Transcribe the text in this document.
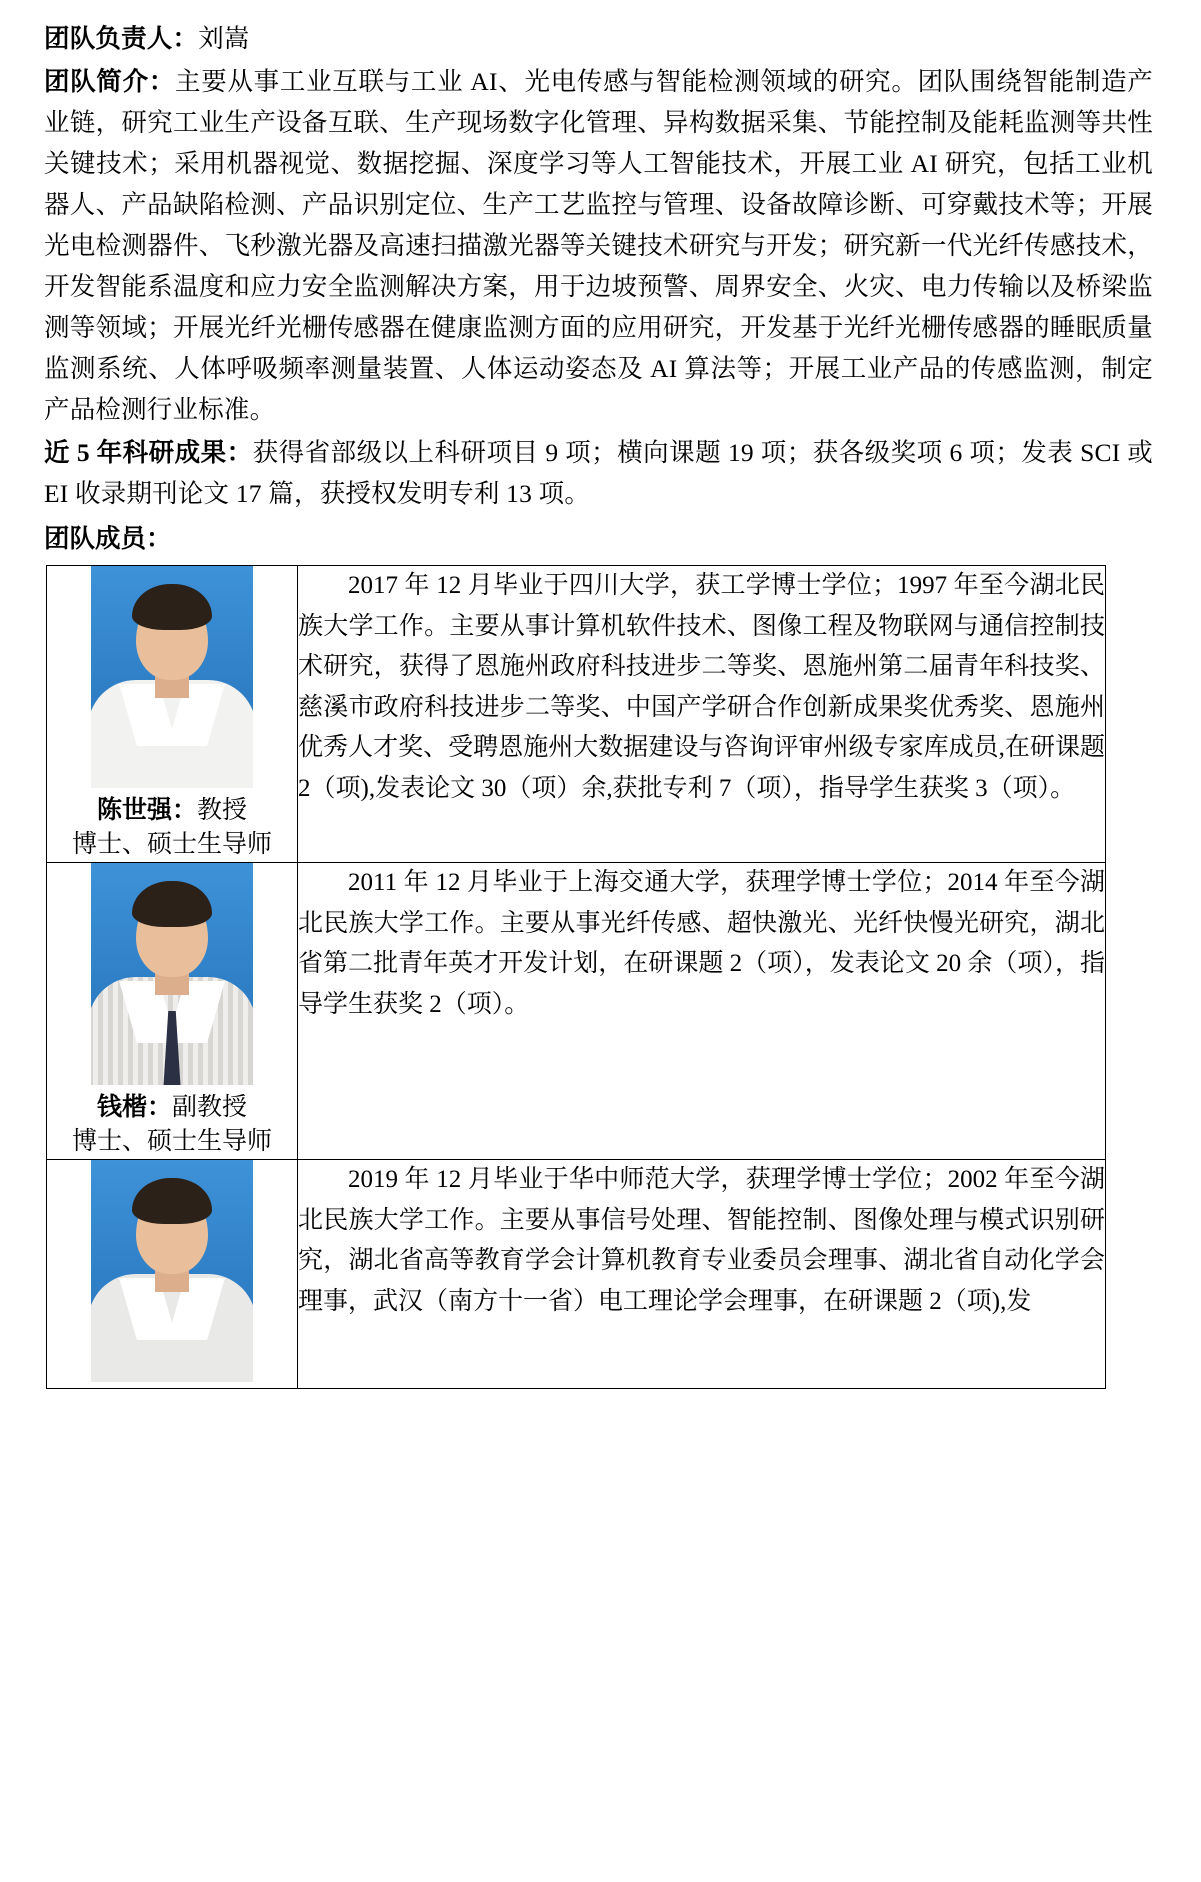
团队负责人：刘嵩

团队简介：主要从事工业互联与工业 AI、光电传感与智能检测领域的研究。团队围绕智能制造产业链，研究工业生产设备互联、生产现场数字化管理、异构数据采集、节能控制及能耗监测等共性关键技术；采用机器视觉、数据挖掘、深度学习等人工智能技术，开展工业 AI 研究，包括工业机器人、产品缺陷检测、产品识别定位、生产工艺监控与管理、设备故障诊断、可穿戴技术等；开展光电检测器件、飞秒激光器及高速扫描激光器等关键技术研究与开发；研究新一代光纤传感技术，开发智能系温度和应力安全监测解决方案，用于边坡预警、周界安全、火灾、电力传输以及桥梁监测等领域；开展光纤光栅传感器在健康监测方面的应用研究，开发基于光纤光栅传感器的睡眠质量监测系统、人体呼吸频率测量装置、人体运动姿态及 AI 算法等；开展工业产品的传感监测，制定产品检测行业标准。

近 5 年科研成果：获得省部级以上科研项目 9 项；横向课题 19 项；获各级奖项 6 项；发表 SCI 或 EI 收录期刊论文 17 篇，获授权发明专利 13 项。

团队成员：
陈世强：教授
博士、硕士生导师	2017 年 12 月毕业于四川大学，获工学博士学位；1997 年至今湖北民族大学工作。主要从事计算机软件技术、图像工程及物联网与通信控制技术研究，获得了恩施州政府科技进步二等奖、恩施州第二届青年科技奖、慈溪市政府科技进步二等奖、中国产学研合作创新成果奖优秀奖、恩施州优秀人才奖、受聘恩施州大数据建设与咨询评审州级专家库成员,在研课题 2（项),发表论文 30（项）余,获批专利 7（项），指导学生获奖 3（项）。

钱楷：副教授
博士、硕士生导师	2011 年 12 月毕业于上海交通大学，获理学博士学位；2014 年至今湖北民族大学工作。主要从事光纤传感、超快激光、光纤快慢光研究，湖北省第二批青年英才开发计划，在研课题 2（项），发表论文 20 余（项），指导学生获奖 2（项）。

	2019 年 12 月毕业于华中师范大学，获理学博士学位；2002 年至今湖北民族大学工作。主要从事信号处理、智能控制、图像处理与模式识别研究，湖北省高等教育学会计算机教育专业委员会理事、湖北省自动化学会理事，武汉（南方十一省）电工理论学会理事，在研课题 2（项),发
